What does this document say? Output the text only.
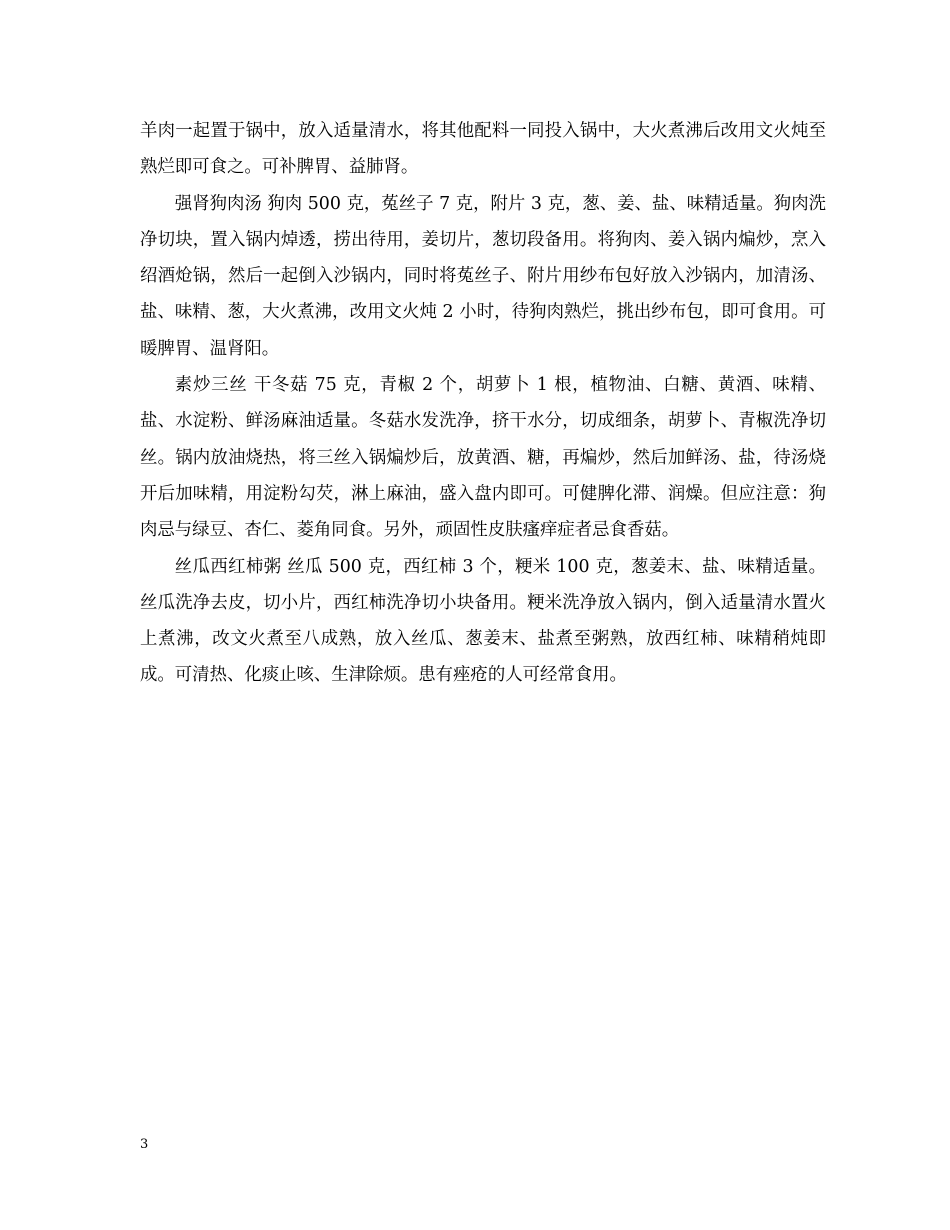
羊肉一起置于锅中，放入适量清水，将其他配料一同投入锅中，大火煮沸后改用文火炖至熟烂即可食之。可补脾胃、益肺肾。

强肾狗肉汤 狗肉 500 克，菟丝子 7 克，附片 3 克，葱、姜、盐、味精适量。狗肉洗净切块，置入锅内焯透，捞出待用，姜切片，葱切段备用。将狗肉、姜入锅内煸炒，烹入绍酒炝锅，然后一起倒入沙锅内，同时将菟丝子、附片用纱布包好放入沙锅内，加清汤、盐、味精、葱，大火煮沸，改用文火炖 2 小时，待狗肉熟烂，挑出纱布包，即可食用。可暖脾胃、温肾阳。

素炒三丝 干冬菇 75 克，青椒 2 个，胡萝卜 1 根，植物油、白糖、黄酒、味精、盐、水淀粉、鲜汤麻油适量。冬菇水发洗净，挤干水分，切成细条，胡萝卜、青椒洗净切丝。锅内放油烧热，将三丝入锅煸炒后，放黄酒、糖，再煸炒，然后加鲜汤、盐，待汤烧开后加味精，用淀粉勾芡，淋上麻油，盛入盘内即可。可健脾化滞、润燥。但应注意：狗肉忌与绿豆、杏仁、菱角同食。另外，顽固性皮肤瘙痒症者忌食香菇。

丝瓜西红柿粥 丝瓜 500 克，西红柿 3 个，粳米 100 克，葱姜末、盐、味精适量。丝瓜洗净去皮，切小片，西红柿洗净切小块备用。粳米洗净放入锅内，倒入适量清水置火上煮沸，改文火煮至八成熟，放入丝瓜、葱姜末、盐煮至粥熟，放西红柿、味精稍炖即成。可清热、化痰止咳、生津除烦。患有痤疮的人可经常食用。

3
